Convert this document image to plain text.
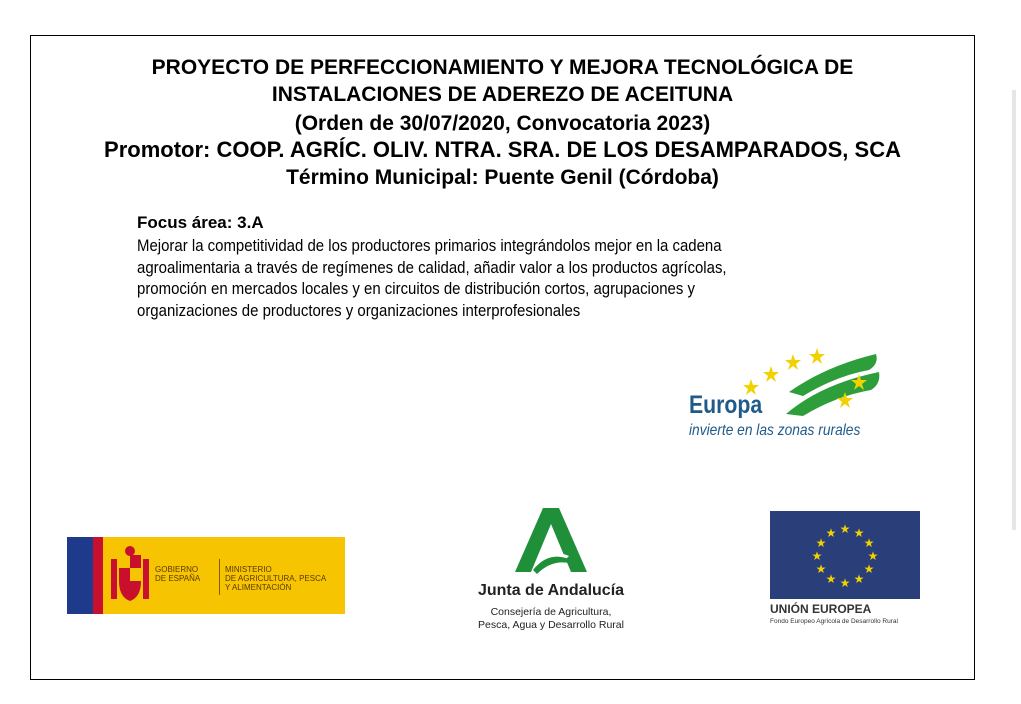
PROYECTO DE PERFECCIONAMIENTO Y MEJORA TECNOLÓGICA DE
INSTALACIONES DE ADEREZO DE ACEITUNA
(Orden de 30/07/2020, Convocatoria 2023)
Promotor: COOP. AGRÍC. OLIV. NTRA. SRA. DE LOS DESAMPARADOS, SCA
Término Municipal: Puente Genil (Córdoba)
Focus área: 3.A
Mejorar la competitividad de los productores primarios integrándolos mejor en la cadena
agroalimentaria a través de regímenes de calidad, añadir valor a los productos agrícolas,
promoción en mercados locales y en circuitos de distribución cortos, agrupaciones y
organizaciones de productores y organizaciones interprofesionales
Europa
invierte en las zonas rurales
GOBIERNO
DE ESPAÑA
MINISTERIO
DE AGRICULTURA, PESCA
Y ALIMENTACIÓN	Junta de Andalucía
Consejería de Agricultura,
Pesca, Agua y Desarrollo Rural
★ ★
★
★
★
★
★
★
★
★
★
★
UNIÓN EUROPEA
Fondo Europeo Agrícola de Desarrollo Rural
